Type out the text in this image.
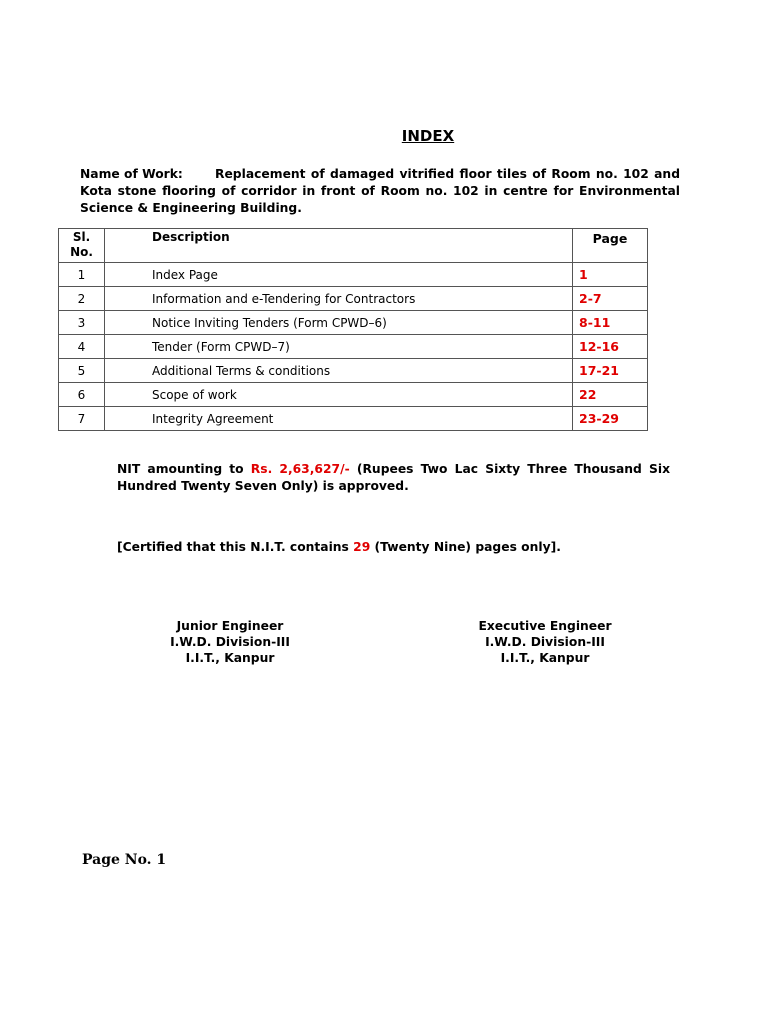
INDEX
Name of Work:	Replacement of damaged vitrified floor tiles of Room no. 102 and Kota stone flooring of corridor in front of Room no. 102 in centre for Environmental Science & Engineering Building.
Sl.
No.	Description	Page
1	Index Page	1
2	Information and e-Tendering for Contractors	2-7
3	Notice Inviting Tenders (Form CPWD–6)	8-11
4	Tender (Form CPWD–7)	12-16
5	Additional Terms & conditions	17-21
6	Scope of work	22
7	Integrity Agreement	23-29
NIT amounting to Rs. 2,63,627/- (Rupees Two Lac Sixty Three Thousand Six Hundred Twenty Seven Only) is approved.
[Certified that this N.I.T. contains 29 (Twenty Nine) pages only].
Junior Engineer
I.W.D. Division-III
I.I.T., Kanpur
Executive Engineer
I.W.D. Division-III
I.I.T., Kanpur
Page No. 1
